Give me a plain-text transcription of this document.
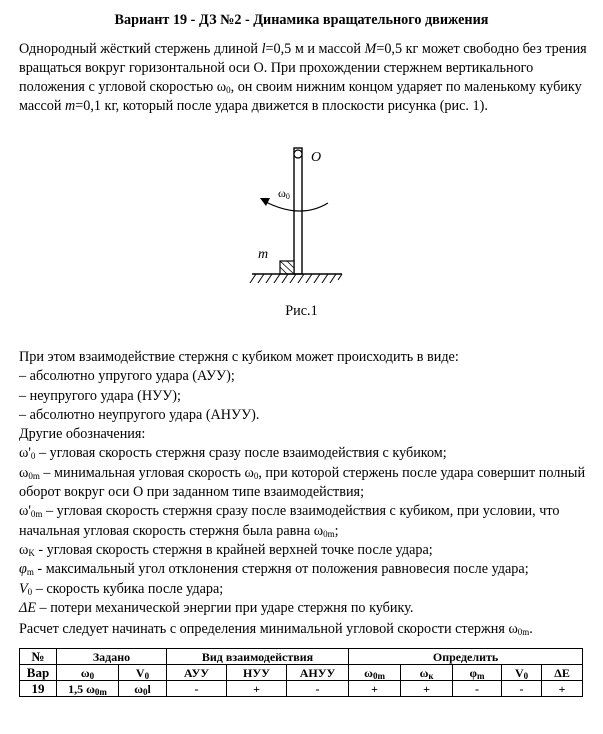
Вариант 19 - ДЗ №2 - Динамика вращательного движения
Однородный жёсткий стержень длиной l=0,5 м и массой M=0,5 кг может свободно без трения вращаться вокруг горизонтальной оси О. При прохождении стержнем вертикального положения с угловой скоростью $\omega_0$, он своим нижним концом ударяет по маленькому кубику массой m=0,1 кг, который после удара движется в плоскости рисунка (рис. 1).
O
ω0
m
Рис.1
При этом взаимодействие стержня с кубиком может происходить в виде:
– абсолютно упругого удара (АУУ);
– неупругого удара (НУУ);
– абсолютно неупругого удара (АНУУ).
Другие обозначения:
$\omega'_0$ – угловая скорость стержня сразу после взаимодействия с кубиком;
$\omega_{0m}$ – минимальная угловая скорость $\omega_0$, при которой стержень после удара совершит полный оборот вокруг оси О при заданном типе взаимодействия;
$\omega'_{0m}$ – угловая скорость стержня сразу после взаимодействия с кубиком, при условии, что начальная угловая скорость стержня была равна $\omega_{0m}$;
$\omega_K$ - угловая скорость стержня в крайней верхней точке после удара;
$\varphi_m$ - максимальный угол отклонения стержня от положения равновесия после удара;
$V_0$ – скорость кубика после удара;
ΔE – потери механической энергии при ударе стержня по кубику.
Расчет следует начинать с определения минимальной угловой скорости стержня $\omega_{0m}$.
№	Задано		Вид взаимодействия			Определить				
Вар	$\omega_0$	$V_0$	АУУ	НУУ	АНУУ	$\omega_{0m}$	$\omega_к$	$\varphi_m$	$V_0$	ΔE
19	1,5 $\omega_{0m}$	$\omega_0l$	-	+	-	+	+	-	-	+
